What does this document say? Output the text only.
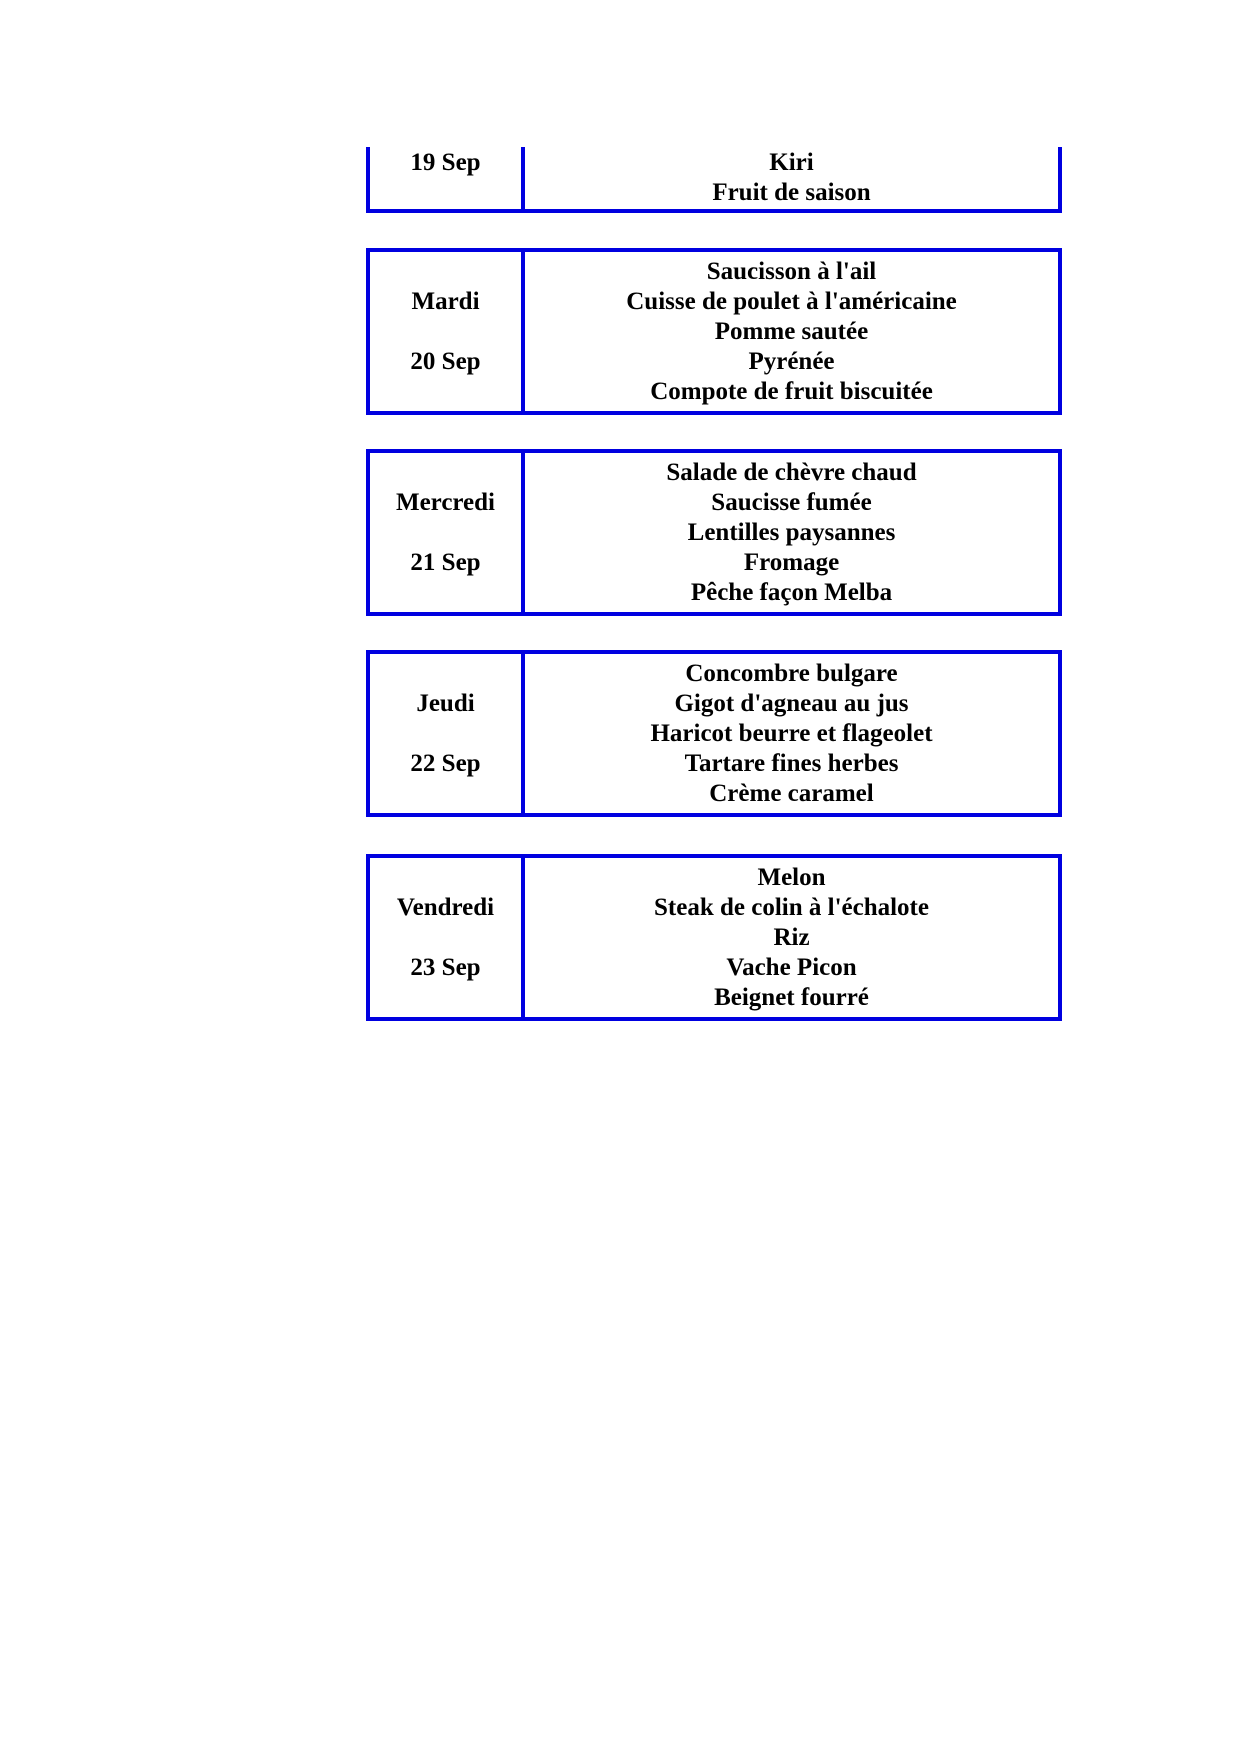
19 Sep	Kiri
Fruit de saison
Mardi
20 Sep
Saucisson à l'ail
Cuisse de poulet à l'américaine
Pomme sautée
Pyrénée
Compote de fruit biscuitée
Mercredi
21 Sep
Salade de chèvre chaud
Saucisse fumée
Lentilles paysannes
Fromage
Pêche façon Melba
Jeudi
22 Sep
Concombre bulgare
Gigot d'agneau au jus
Haricot beurre et flageolet
Tartare fines herbes
Crème caramel
Vendredi
23 Sep
Melon
Steak de colin à l'échalote
Riz
Vache Picon
Beignet fourré
